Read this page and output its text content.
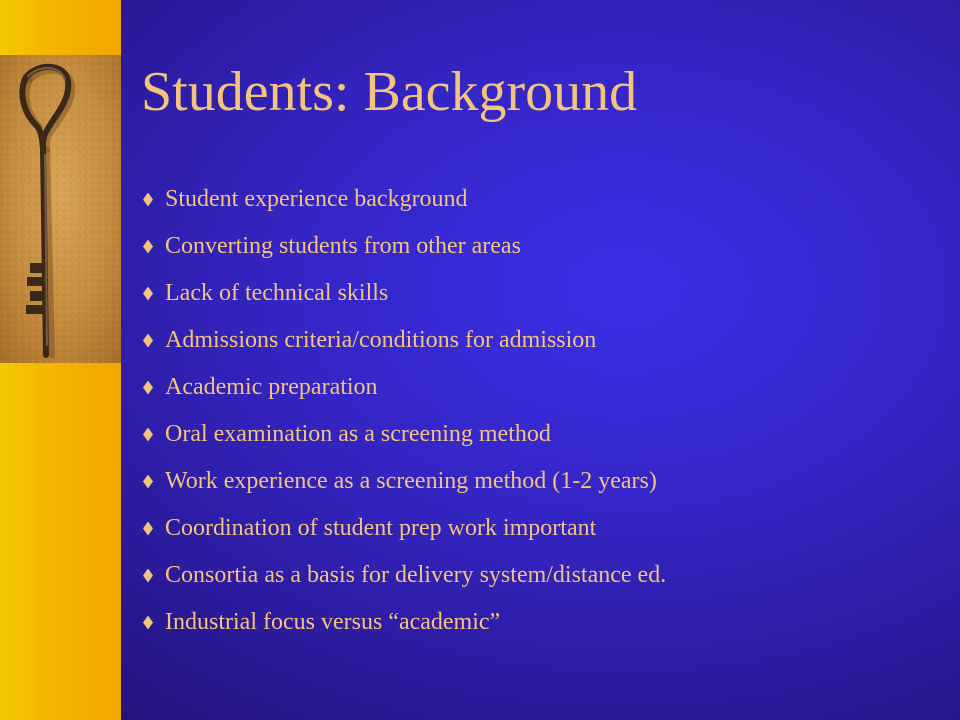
Students: Background
Student experience background
Converting students from other areas
Lack of technical skills
Admissions criteria/conditions for admission
Academic preparation
Oral examination as a screening method
Work experience as a screening method (1-2 years)
Coordination of student prep work important
Consortia as a basis for delivery system/distance ed.
Industrial focus versus “academic”
